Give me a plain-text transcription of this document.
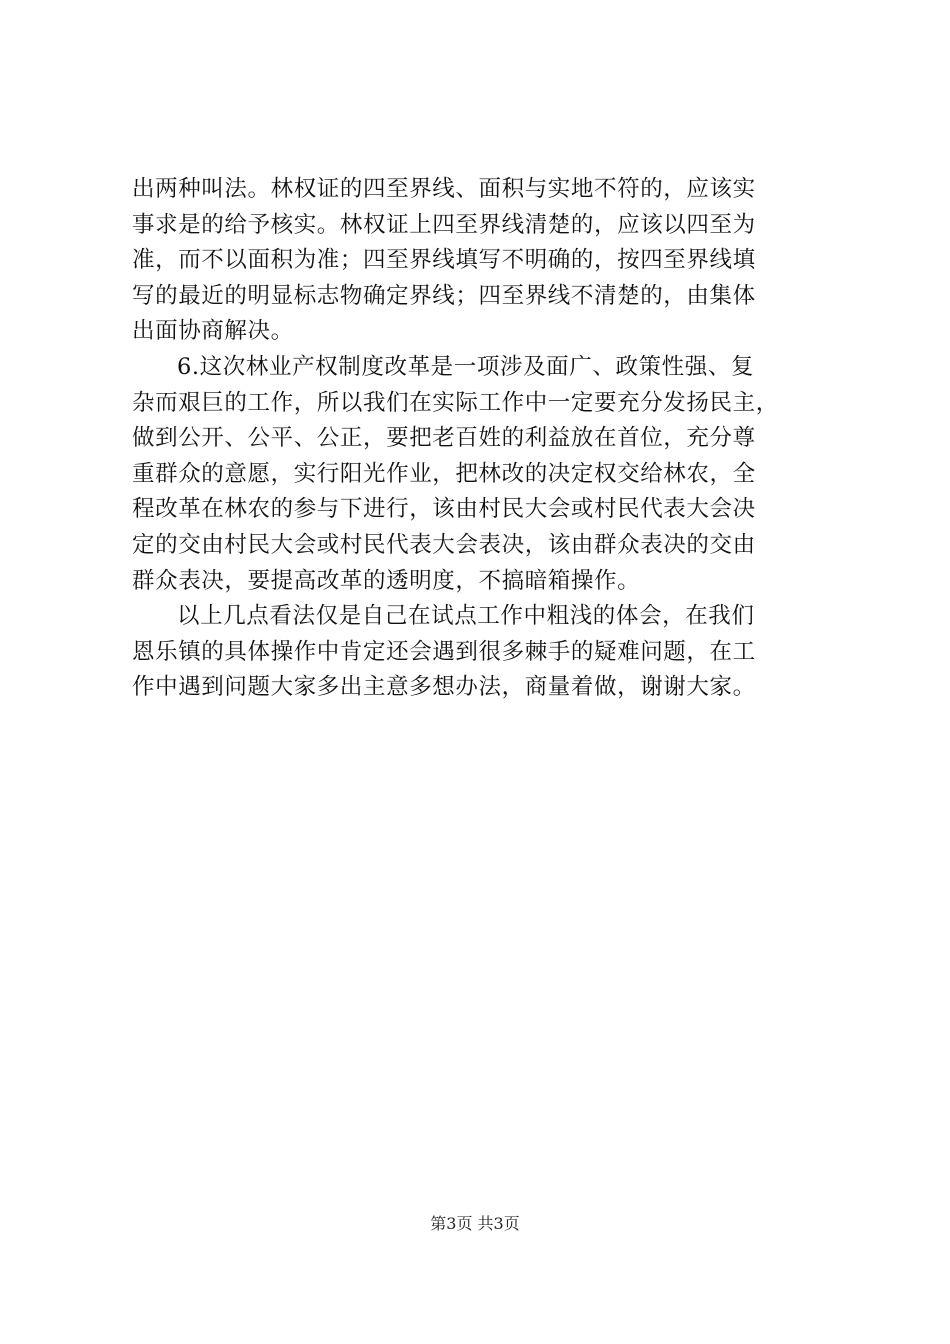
出两种叫法。林权证的四至界线、面积与实地不符的，应该实
事求是的给予核实。林权证上四至界线清楚的，应该以四至为
准，而不以面积为准；四至界线填写不明确的，按四至界线填
写的最近的明显标志物确定界线；四至界线不清楚的，由集体
出面协商解决。
6.这次林业产权制度改革是一项涉及面广、政策性强、复
杂而艰巨的工作，所以我们在实际工作中一定要充分发扬民主，
做到公开、公平、公正，要把老百姓的利益放在首位，充分尊
重群众的意愿，实行阳光作业，把林改的决定权交给林农，全
程改革在林农的参与下进行，该由村民大会或村民代表大会决
定的交由村民大会或村民代表大会表决，该由群众表决的交由
群众表决，要提高改革的透明度，不搞暗箱操作。
以上几点看法仅是自己在试点工作中粗浅的体会，在我们
恩乐镇的具体操作中肯定还会遇到很多棘手的疑难问题，在工
作中遇到问题大家多出主意多想办法，商量着做，谢谢大家。
第3页 共3页
